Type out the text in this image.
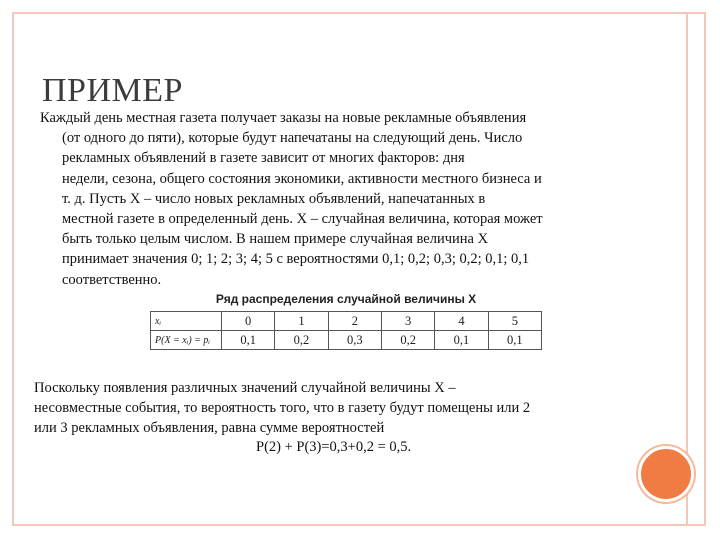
ПРИМЕР
Каждый день местная газета получает заказы на новые рекламные объявления
(от одного до пяти), которые будут напечатаны на следующий день. Число
рекламных объявлений в газете зависит от многих факторов: дня
недели, сезона, общего состояния экономики, активности местного бизнеса и
т. д. Пусть X – число новых рекламных объявлений, напечатанных в
местной газете в определенный день. X – случайная величина, которая может
быть только целым числом. В нашем примере случайная величина X
принимает значения 0; 1; 2; 3; 4; 5 с вероятностями 0,1; 0,2; 0,3; 0,2; 0,1; 0,1
соответственно.
Ряд распределения случайной величины X
xᵢ	0	1	2	3	4	5
P(X = xᵢ) = pᵢ	0,1	0,2	0,3	0,2	0,1	0,1
Поскольку появления различных значений случайной величины X –
несовместные события, то вероятность того, что в газету будут помещены или 2
или 3 рекламных объявления, равна сумме вероятностей
P(2) + P(3)=0,3+0,2 = 0,5.
